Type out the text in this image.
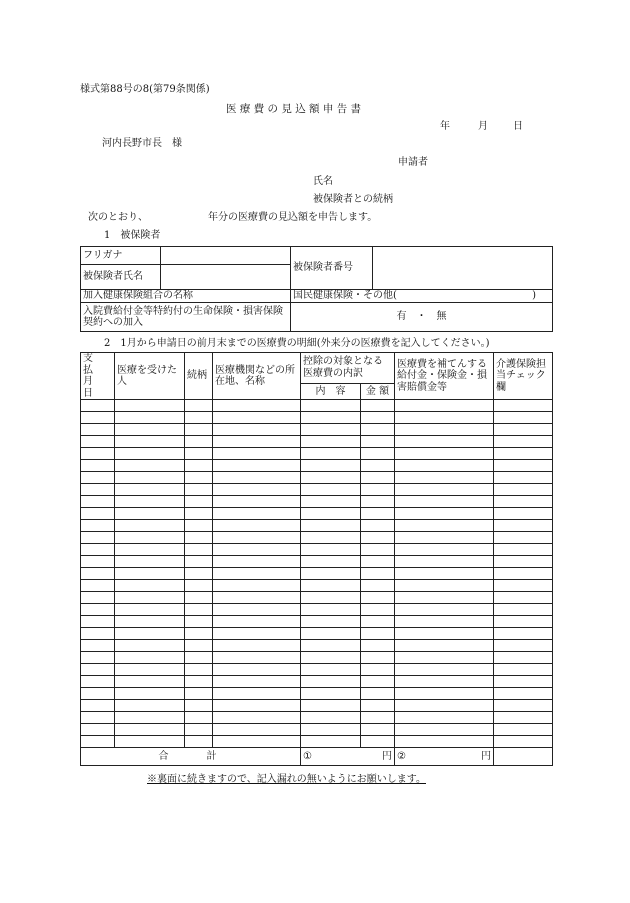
様式第88号の8(第79条関係)
医 療 費 の 見 込 額 申 告 書
年	月	日
河内長野市長　様
申請者
氏名
被保険者との続柄
次のとおり、	年分の医療費の見込額を申告します。
1　被保険者
フリガナ		被保険者番号	
被保険者氏名			
加入健康保険組合の名称		国民健康保険・その他( )	

入院費給付金等特約付の生命保険・損害保険契約への加入		有　・　無	
2　1月から申請日の前月末までの医療費の明細(外来分の医療費を記入してください。)
支 払 月 日	医療を受けた人	続柄	医療機関などの所在地、名称	控除の対象となる医療費の内訳		医療費を補てんする給付金・保険金・損害賠償金等	介護保険担当チェック欄
				内　容	金 額		

合　　計				① 円		② 円	

※裏面に続きますので、記入漏れの無いようにお願いします。
